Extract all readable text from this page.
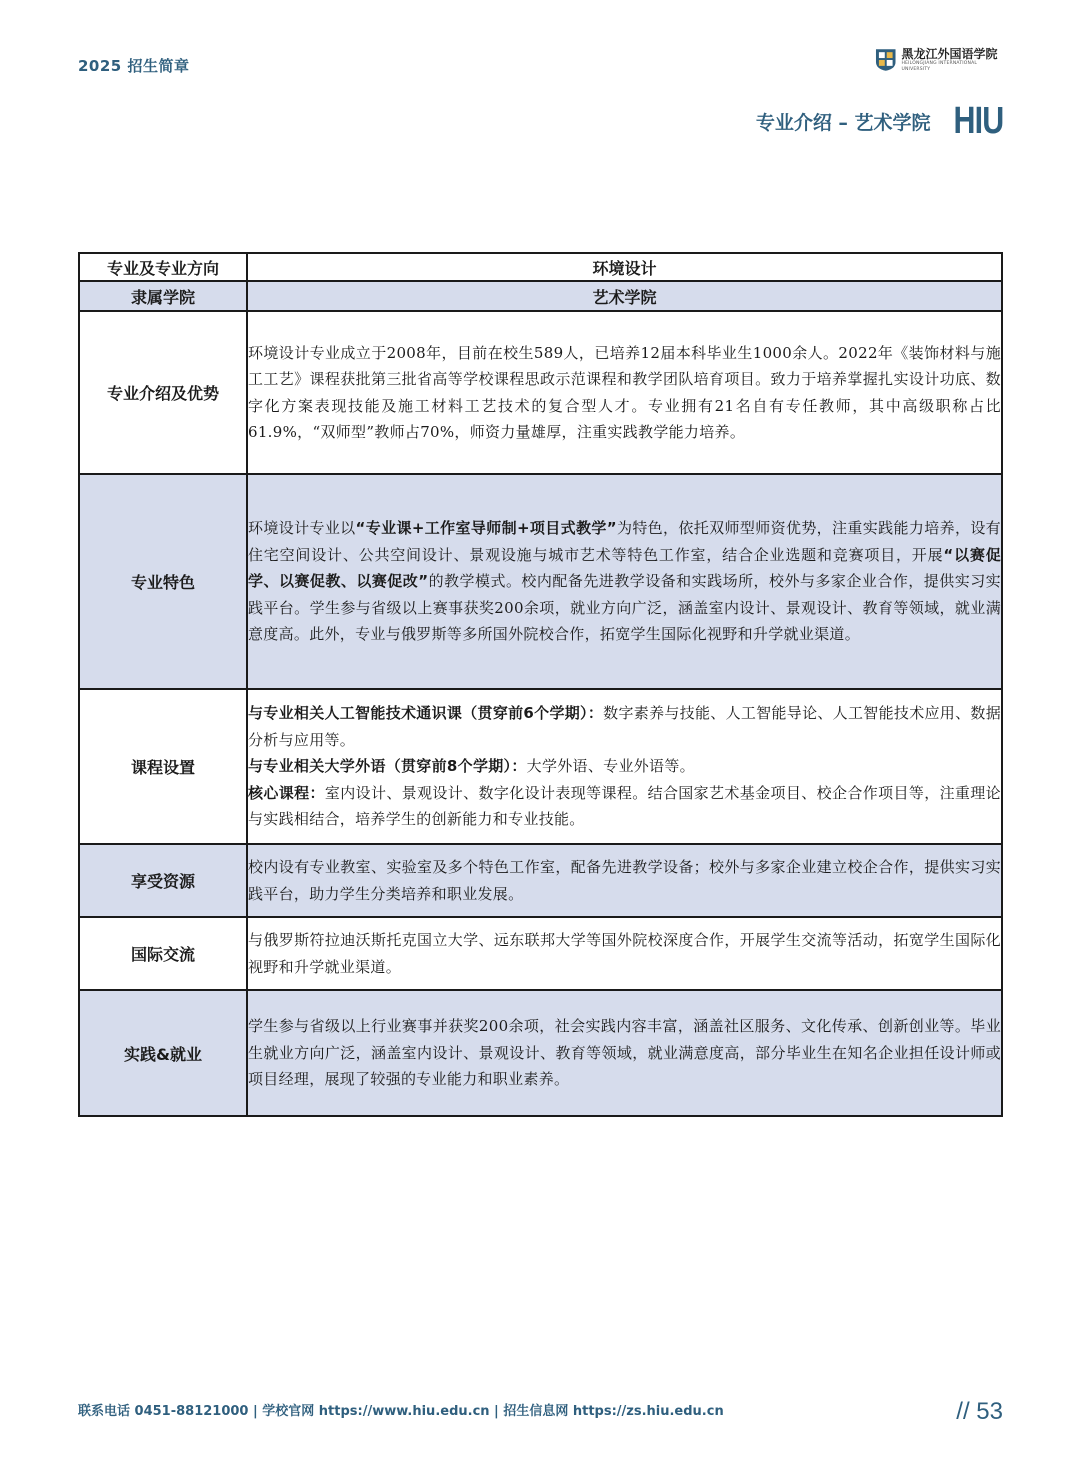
2025 招生简章
黑龙江外国语学院
HEILONGJIANG INTERNATIONAL UNIVERSITY
专业介绍 – 艺术学院 HIU
专业及专业方向	环境设计
隶属学院	艺术学院
专业介绍及优势	环境设计专业成立于2008年，目前在校生589人，已培养12届本科毕业生1000余人。2022年《装饰材料与施工工艺》课程获批第三批省高等学校课程思政示范课程和教学团队培育项目。致力于培养掌握扎实设计功底、数字化方案表现技能及施工材料工艺技术的复合型人才。专业拥有21名自有专任教师，其中高级职称占比61.9%，“双师型”教师占70%，师资力量雄厚，注重实践教学能力培养。
专业特色	环境设计专业以“专业课+工作室导师制+项目式教学”为特色，依托双师型师资优势，注重实践能力培养，设有住宅空间设计、公共空间设计、景观设施与城市艺术等特色工作室，结合企业选题和竞赛项目，开展“以赛促学、以赛促教、以赛促改”的教学模式。校内配备先进教学设备和实践场所，校外与多家企业合作，提供实习实践平台。学生参与省级以上赛事获奖200余项，就业方向广泛，涵盖室内设计、景观设计、教育等领域，就业满意度高。此外，专业与俄罗斯等多所国外院校合作，拓宽学生国际化视野和升学就业渠道。
课程设置	与专业相关人工智能技术通识课（贯穿前6个学期）：数字素养与技能、人工智能导论、人工智能技术应用、数据分析与应用等。
与专业相关大学外语（贯穿前8个学期）：大学外语、专业外语等。
核心课程：室内设计、景观设计、数字化设计表现等课程。结合国家艺术基金项目、校企合作项目等，注重理论与实践相结合，培养学生的创新能力和专业技能。
享受资源	校内设有专业教室、实验室及多个特色工作室，配备先进教学设备；校外与多家企业建立校企合作，提供实习实践平台，助力学生分类培养和职业发展。
国际交流	与俄罗斯符拉迪沃斯托克国立大学、远东联邦大学等国外院校深度合作，开展学生交流等活动，拓宽学生国际化视野和升学就业渠道。
实践&就业	学生参与省级以上行业赛事并获奖200余项，社会实践内容丰富，涵盖社区服务、文化传承、创新创业等。毕业生就业方向广泛，涵盖室内设计、景观设计、教育等领域，就业满意度高，部分毕业生在知名企业担任设计师或项目经理，展现了较强的专业能力和职业素养。
联系电话 0451-88121000 | 学校官网 https://www.hiu.edu.cn | 招生信息网 https://zs.hiu.edu.cn	// 53
